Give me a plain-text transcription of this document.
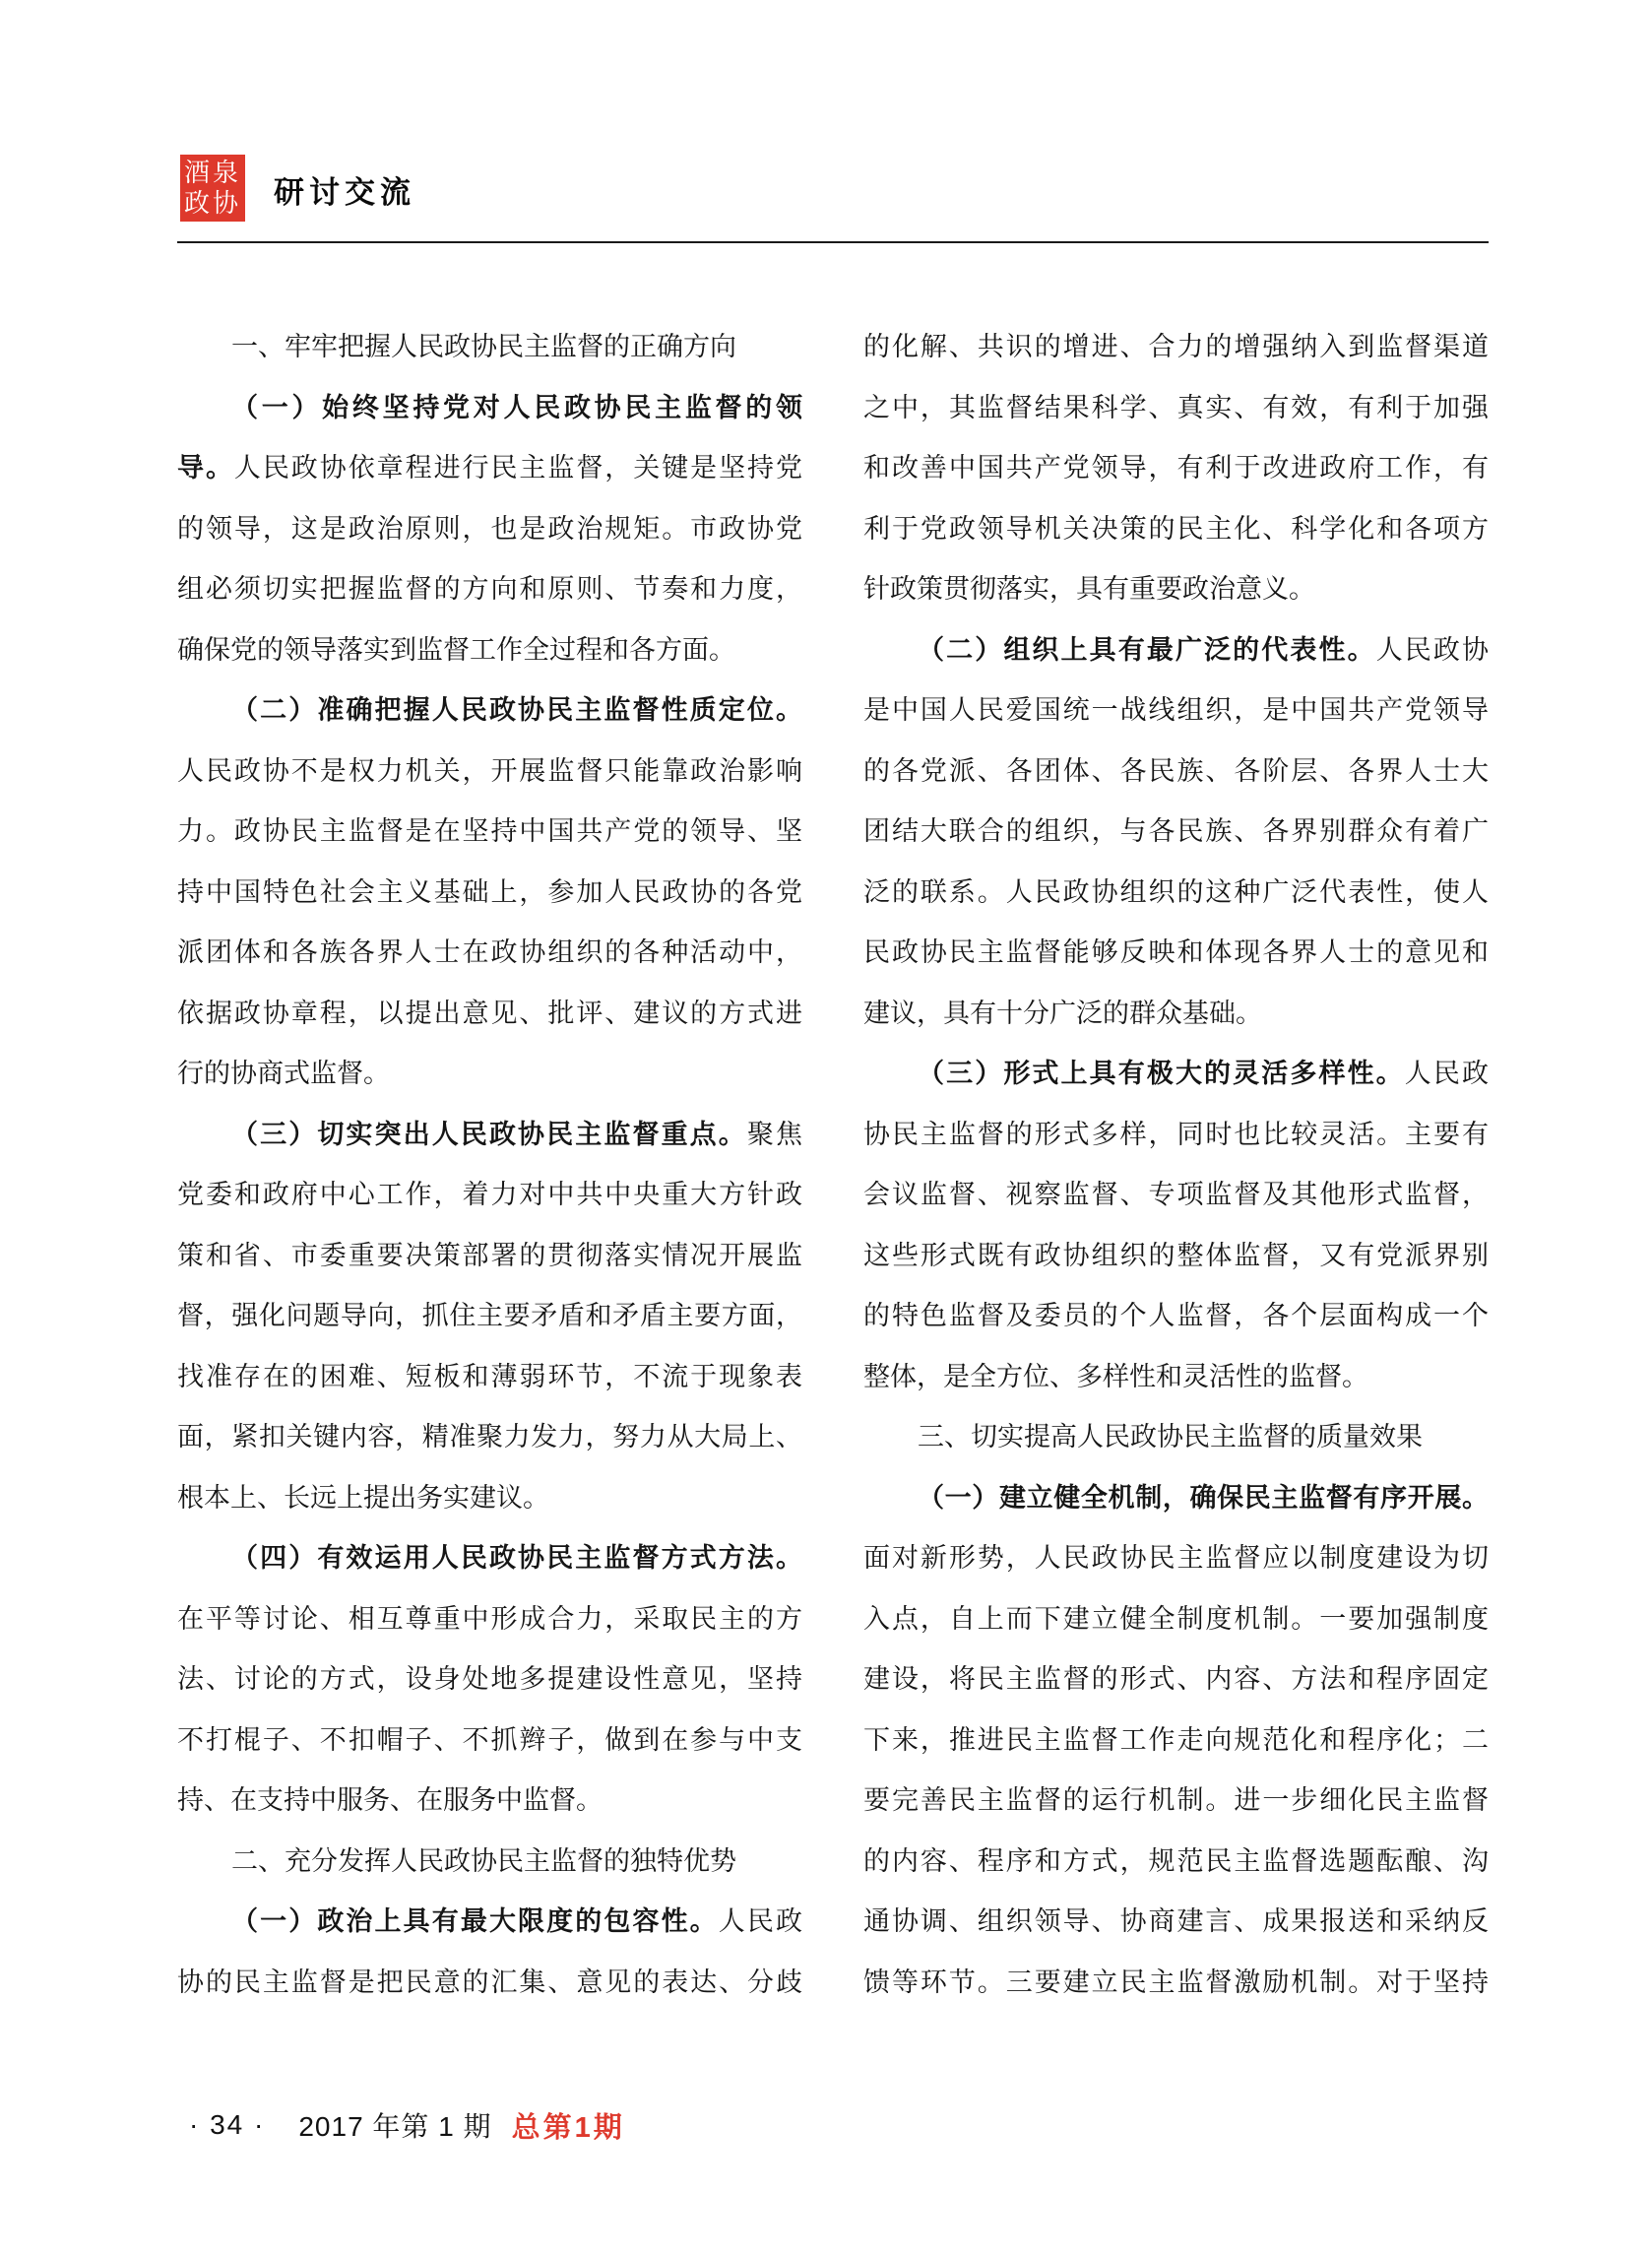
酒泉政协 研讨交流
一、牢牢把握人民政协民主监督的正确方向
（一）始终坚持党对人民政协民主监督的领
导。人民政协依章程进行民主监督，关键是坚持党
的领导，这是政治原则，也是政治规矩。市政协党
组必须切实把握监督的方向和原则、节奏和力度，
确保党的领导落实到监督工作全过程和各方面。
（二）准确把握人民政协民主监督性质定位。
人民政协不是权力机关，开展监督只能靠政治影响
力。政协民主监督是在坚持中国共产党的领导、坚
持中国特色社会主义基础上，参加人民政协的各党
派团体和各族各界人士在政协组织的各种活动中，
依据政协章程，以提出意见、批评、建议的方式进
行的协商式监督。
（三）切实突出人民政协民主监督重点。聚焦
党委和政府中心工作，着力对中共中央重大方针政
策和省、市委重要决策部署的贯彻落实情况开展监
督，强化问题导向，抓住主要矛盾和矛盾主要方面，
找准存在的困难、短板和薄弱环节，不流于现象表
面，紧扣关键内容，精准聚力发力，努力从大局上、
根本上、长远上提出务实建议。
（四）有效运用人民政协民主监督方式方法。
在平等讨论、相互尊重中形成合力，采取民主的方
法、讨论的方式，设身处地多提建设性意见，坚持
不打棍子、不扣帽子、不抓辫子，做到在参与中支
持、在支持中服务、在服务中监督。
二、充分发挥人民政协民主监督的独特优势
（一）政治上具有最大限度的包容性。人民政
协的民主监督是把民意的汇集、意见的表达、分歧
的化解、共识的增进、合力的增强纳入到监督渠道
之中，其监督结果科学、真实、有效，有利于加强
和改善中国共产党领导，有利于改进政府工作，有
利于党政领导机关决策的民主化、科学化和各项方
针政策贯彻落实，具有重要政治意义。
（二）组织上具有最广泛的代表性。人民政协
是中国人民爱国统一战线组织，是中国共产党领导
的各党派、各团体、各民族、各阶层、各界人士大
团结大联合的组织，与各民族、各界别群众有着广
泛的联系。人民政协组织的这种广泛代表性，使人
民政协民主监督能够反映和体现各界人士的意见和
建议，具有十分广泛的群众基础。
（三）形式上具有极大的灵活多样性。人民政
协民主监督的形式多样，同时也比较灵活。主要有
会议监督、视察监督、专项监督及其他形式监督，
这些形式既有政协组织的整体监督，又有党派界别
的特色监督及委员的个人监督，各个层面构成一个
整体，是全方位、多样性和灵活性的监督。
三、切实提高人民政协民主监督的质量效果
（一）建立健全机制，确保民主监督有序开展。
面对新形势，人民政协民主监督应以制度建设为切
入点，自上而下建立健全制度机制。一要加强制度
建设，将民主监督的形式、内容、方法和程序固定
下来，推进民主监督工作走向规范化和程序化；二
要完善民主监督的运行机制。进一步细化民主监督
的内容、程序和方式，规范民主监督选题酝酿、沟
通协调、组织领导、协商建言、成果报送和采纳反
馈等环节。三要建立民主监督激励机制。对于坚持
· 34 · 2017 年第 1 期 总第1期
